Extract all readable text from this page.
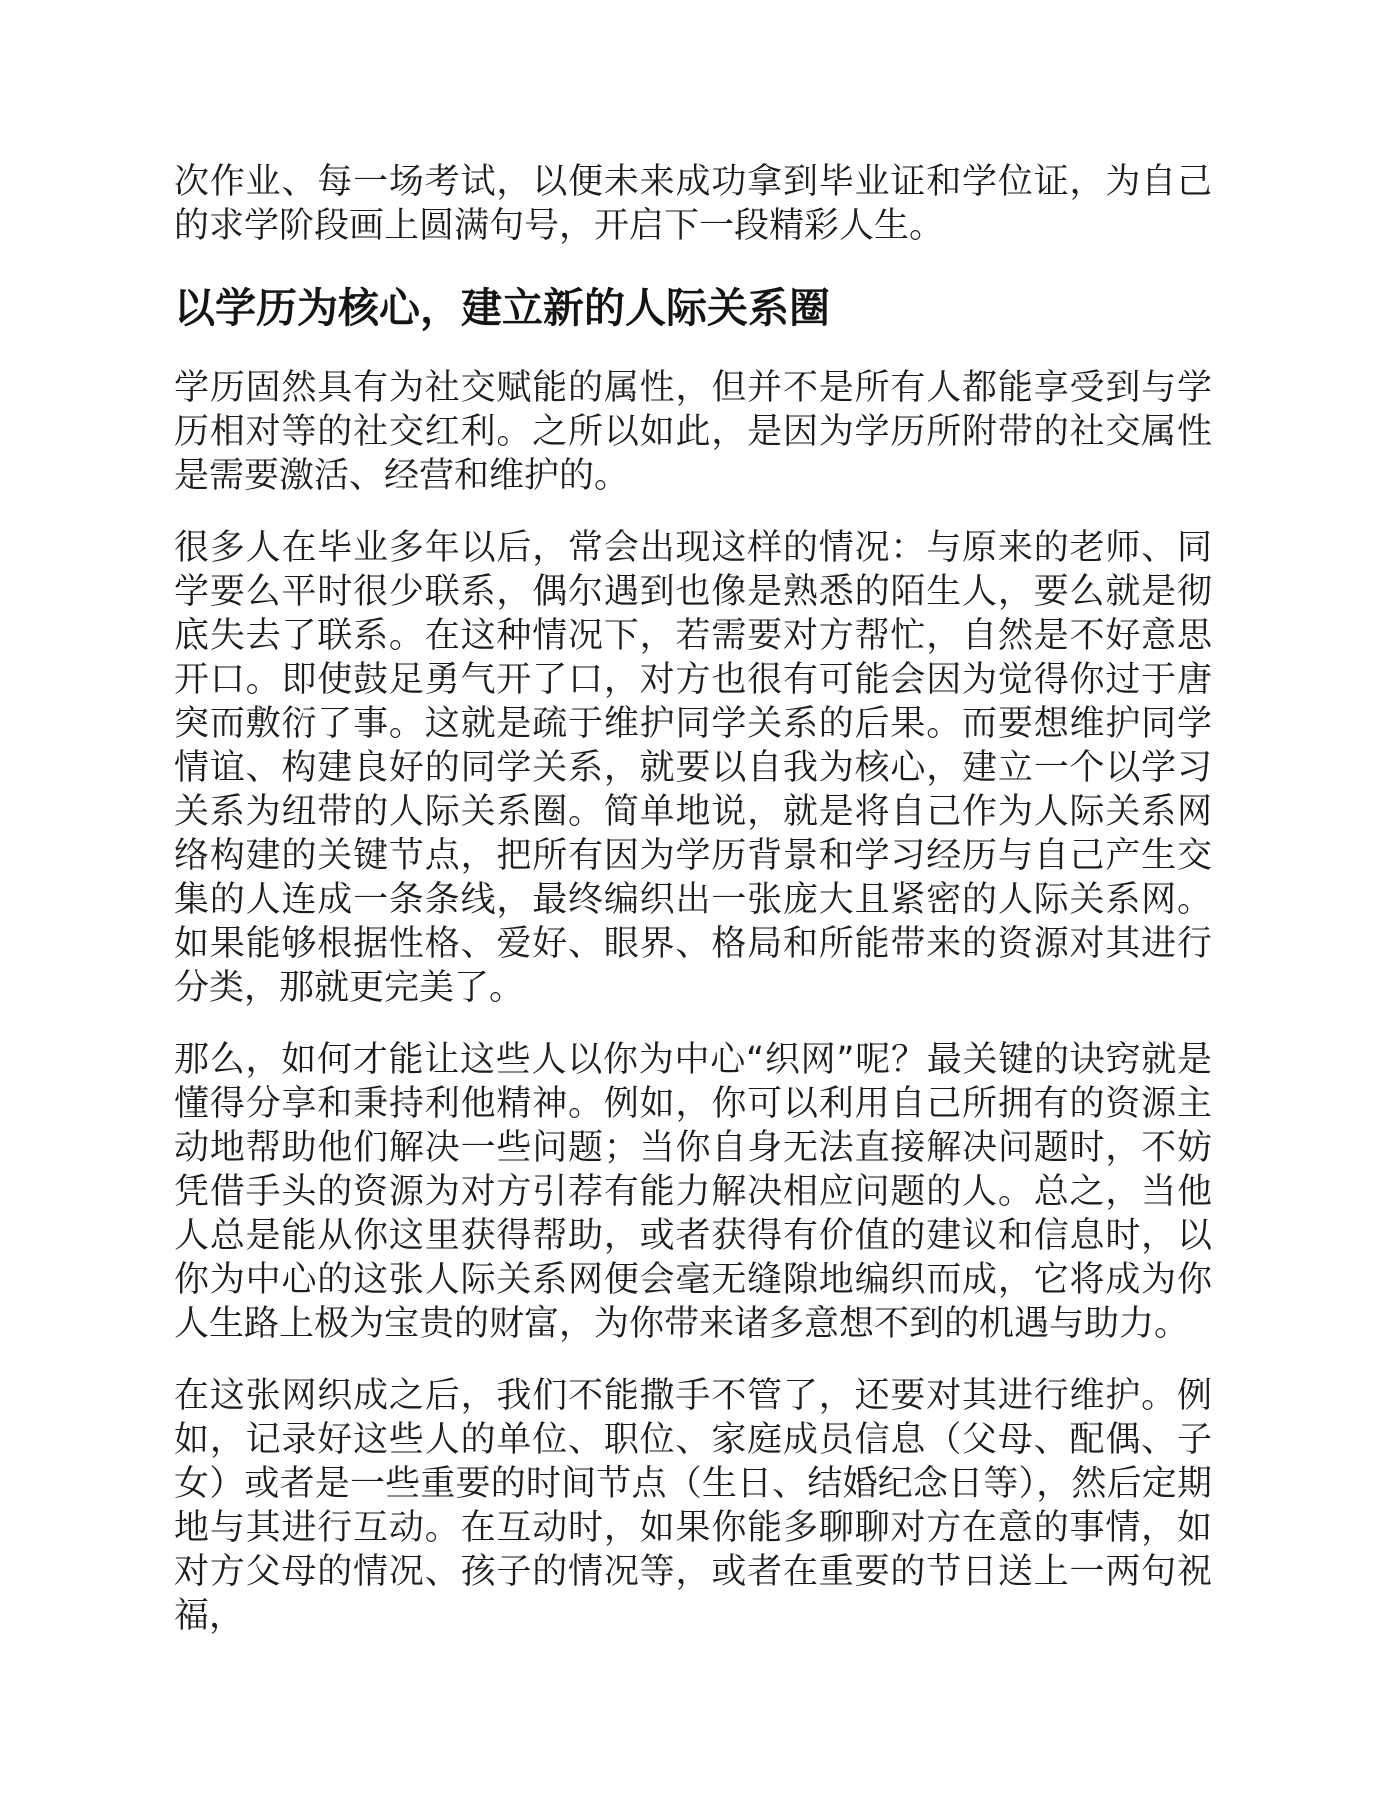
次作业、每一场考试，以便未来成功拿到毕业证和学位证，为自己的求学阶段画上圆满句号，开启下一段精彩人生。

以学历为核心，建立新的人际关系圈

学历固然具有为社交赋能的属性，但并不是所有人都能享受到与学历相对等的社交红利。之所以如此，是因为学历所附带的社交属性是需要激活、经营和维护的。

很多人在毕业多年以后，常会出现这样的情况：与原来的老师、同学要么平时很少联系，偶尔遇到也像是熟悉的陌生人，要么就是彻底失去了联系。在这种情况下，若需要对方帮忙，自然是不好意思开口。即使鼓足勇气开了口，对方也很有可能会因为觉得你过于唐突而敷衍了事。这就是疏于维护同学关系的后果。而要想维护同学情谊、构建良好的同学关系，就要以自我为核心，建立一个以学习关系为纽带的人际关系圈。简单地说，就是将自己作为人际关系网络构建的关键节点，把所有因为学历背景和学习经历与自己产生交集的人连成一条条线，最终编织出一张庞大且紧密的人际关系网。如果能够根据性格、爱好、眼界、格局和所能带来的资源对其进行分类，那就更完美了。

那么，如何才能让这些人以你为中心“织网”呢？最关键的诀窍就是懂得分享和秉持利他精神。例如，你可以利用自己所拥有的资源主动地帮助他们解决一些问题；当你自身无法直接解决问题时，不妨凭借手头的资源为对方引荐有能力解决相应问题的人。总之，当他人总是能从你这里获得帮助，或者获得有价值的建议和信息时，以你为中心的这张人际关系网便会毫无缝隙地编织而成，它将成为你人生路上极为宝贵的财富，为你带来诸多意想不到的机遇与助力。

在这张网织成之后，我们不能撒手不管了，还要对其进行维护。例如，记录好这些人的单位、职位、家庭成员信息（父母、配偶、子女）或者是一些重要的时间节点（生日、结婚纪念日等），然后定期地与其进行互动。在互动时，如果你能多聊聊对方在意的事情，如对方父母的情况、孩子的情况等，或者在重要的节日送上一两句祝福，
